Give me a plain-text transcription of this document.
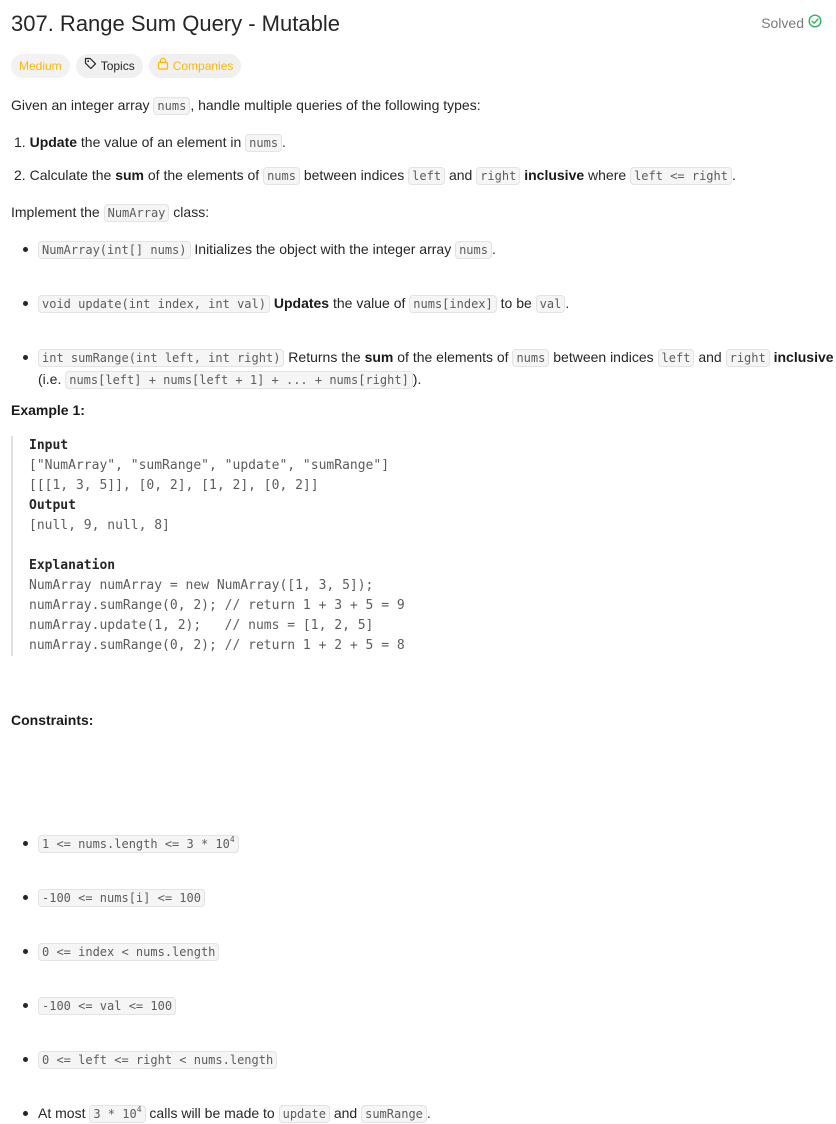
307. Range Sum Query - Mutable	Solved
Medium	Topics	Companies

Given an integer array nums , handle multiple queries of the following types:

1. Update the value of an element in nums .

2. Calculate the sum of the elements of nums between indices left and right inclusive where left <= right .

Implement the NumArray class:

NumArray(int[] nums) Initializes the object with the integer array nums .
void update(int index, int val) Updates the value of nums[index] to be val .
int sumRange(int left, int right) Returns the sum of the elements of nums between indices left and right inclusive
(i.e. nums[left] + nums[left + 1] + ... + nums[right] ).

Example 1:

Input
["NumArray", "sumRange", "update", "sumRange"]
[[[1, 3, 5]], [0, 2], [1, 2], [0, 2]]
Output
[null, 9, null, 8]

Explanation
NumArray numArray = new NumArray([1, 3, 5]);
numArray.sumRange(0, 2); // return 1 + 3 + 5 = 9
numArray.update(1, 2);   // nums = [1, 2, 5]
numArray.sumRange(0, 2); // return 1 + 2 + 5 = 8

Constraints:

1 <= nums.length <= $3 * 10^4$
-100 <= nums[i] <= 100
0 <= index < nums.length
-100 <= val <= 100
0 <= left <= right < nums.length
At most $3 * 10^4$ calls will be made to update and sumRange .
